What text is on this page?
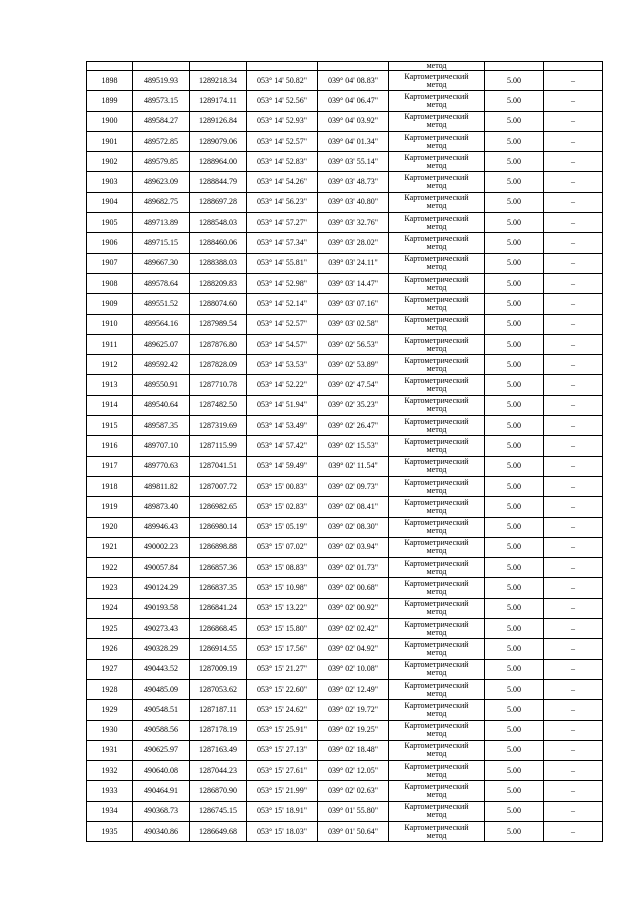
					метод		
1898	489519.93	1289218.34	053° 14' 50.82"	039° 04' 08.83"	Картометрический
метод	5.00	–
1899	489573.15	1289174.11	053° 14' 52.56"	039° 04' 06.47"	Картометрический
метод	5.00	–
1900	489584.27	1289126.84	053° 14' 52.93"	039° 04' 03.92"	Картометрический
метод	5.00	–
1901	489572.85	1289079.06	053° 14' 52.57"	039° 04' 01.34"	Картометрический
метод	5.00	–
1902	489579.85	1288964.00	053° 14' 52.83"	039° 03' 55.14"	Картометрический
метод	5.00	–
1903	489623.09	1288844.79	053° 14' 54.26"	039° 03' 48.73"	Картометрический
метод	5.00	–
1904	489682.75	1288697.28	053° 14' 56.23"	039° 03' 40.80"	Картометрический
метод	5.00	–
1905	489713.89	1288548.03	053° 14' 57.27"	039° 03' 32.76"	Картометрический
метод	5.00	–
1906	489715.15	1288460.06	053° 14' 57.34"	039° 03' 28.02"	Картометрический
метод	5.00	–
1907	489667.30	1288388.03	053° 14' 55.81"	039° 03' 24.11"	Картометрический
метод	5.00	–
1908	489578.64	1288209.83	053° 14' 52.98"	039° 03' 14.47"	Картометрический
метод	5.00	–
1909	489551.52	1288074.60	053° 14' 52.14"	039° 03' 07.16"	Картометрический
метод	5.00	–
1910	489564.16	1287989.54	053° 14' 52.57"	039° 03' 02.58"	Картометрический
метод	5.00	–
1911	489625.07	1287876.80	053° 14' 54.57"	039° 02' 56.53"	Картометрический
метод	5.00	–
1912	489592.42	1287828.09	053° 14' 53.53"	039° 02' 53.89"	Картометрический
метод	5.00	–
1913	489550.91	1287710.78	053° 14' 52.22"	039° 02' 47.54"	Картометрический
метод	5.00	–
1914	489540.64	1287482.50	053° 14' 51.94"	039° 02' 35.23"	Картометрический
метод	5.00	–
1915	489587.35	1287319.69	053° 14' 53.49"	039° 02' 26.47"	Картометрический
метод	5.00	–
1916	489707.10	1287115.99	053° 14' 57.42"	039° 02' 15.53"	Картометрический
метод	5.00	–
1917	489770.63	1287041.51	053° 14' 59.49"	039° 02' 11.54"	Картометрический
метод	5.00	–
1918	489811.82	1287007.72	053° 15' 00.83"	039° 02' 09.73"	Картометрический
метод	5.00	–
1919	489873.40	1286982.65	053° 15' 02.83"	039° 02' 08.41"	Картометрический
метод	5.00	–
1920	489946.43	1286980.14	053° 15' 05.19"	039° 02' 08.30"	Картометрический
метод	5.00	–
1921	490002.23	1286898.88	053° 15' 07.02"	039° 02' 03.94"	Картометрический
метод	5.00	–
1922	490057.84	1286857.36	053° 15' 08.83"	039° 02' 01.73"	Картометрический
метод	5.00	–
1923	490124.29	1286837.35	053° 15' 10.98"	039° 02' 00.68"	Картометрический
метод	5.00	–
1924	490193.58	1286841.24	053° 15' 13.22"	039° 02' 00.92"	Картометрический
метод	5.00	–
1925	490273.43	1286868.45	053° 15' 15.80"	039° 02' 02.42"	Картометрический
метод	5.00	–
1926	490328.29	1286914.55	053° 15' 17.56"	039° 02' 04.92"	Картометрический
метод	5.00	–
1927	490443.52	1287009.19	053° 15' 21.27"	039° 02' 10.08"	Картометрический
метод	5.00	–
1928	490485.09	1287053.62	053° 15' 22.60"	039° 02' 12.49"	Картометрический
метод	5.00	–
1929	490548.51	1287187.11	053° 15' 24.62"	039° 02' 19.72"	Картометрический
метод	5.00	–
1930	490588.56	1287178.19	053° 15' 25.91"	039° 02' 19.25"	Картометрический
метод	5.00	–
1931	490625.97	1287163.49	053° 15' 27.13"	039° 02' 18.48"	Картометрический
метод	5.00	–
1932	490640.08	1287044.23	053° 15' 27.61"	039° 02' 12.05"	Картометрический
метод	5.00	–
1933	490464.91	1286870.90	053° 15' 21.99"	039° 02' 02.63"	Картометрический
метод	5.00	–
1934	490368.73	1286745.15	053° 15' 18.91"	039° 01' 55.80"	Картометрический
метод	5.00	–
1935	490340.86	1286649.68	053° 15' 18.03"	039° 01' 50.64"	Картометрический
метод	5.00	–
